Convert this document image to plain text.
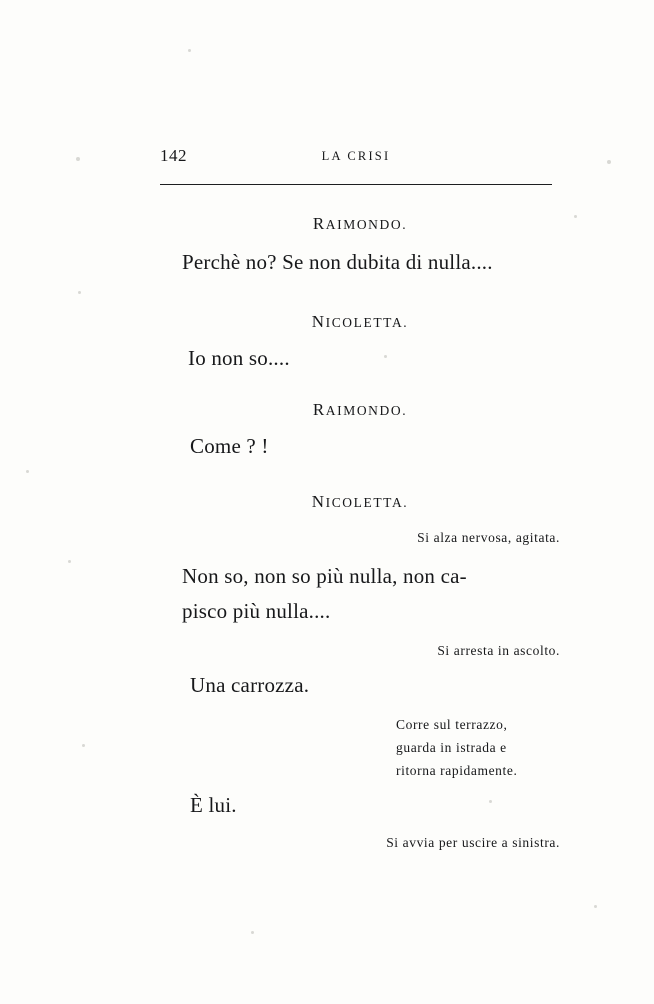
142	LA CRISI
RAIMONDO.
Perchè no? Se non dubita di nulla....
NICOLETTA.
Io non so....
RAIMONDO.
Come ? !
NICOLETTA.
Si alza nervosa, agitata.
Non so, non so più nulla, non ca-
pisco più nulla....
Si arresta in ascolto.
Una carrozza.
Corre sul terrazzo,
guarda in istrada e
ritorna rapidamente.
È lui.
Si avvia per uscire a sinistra.
